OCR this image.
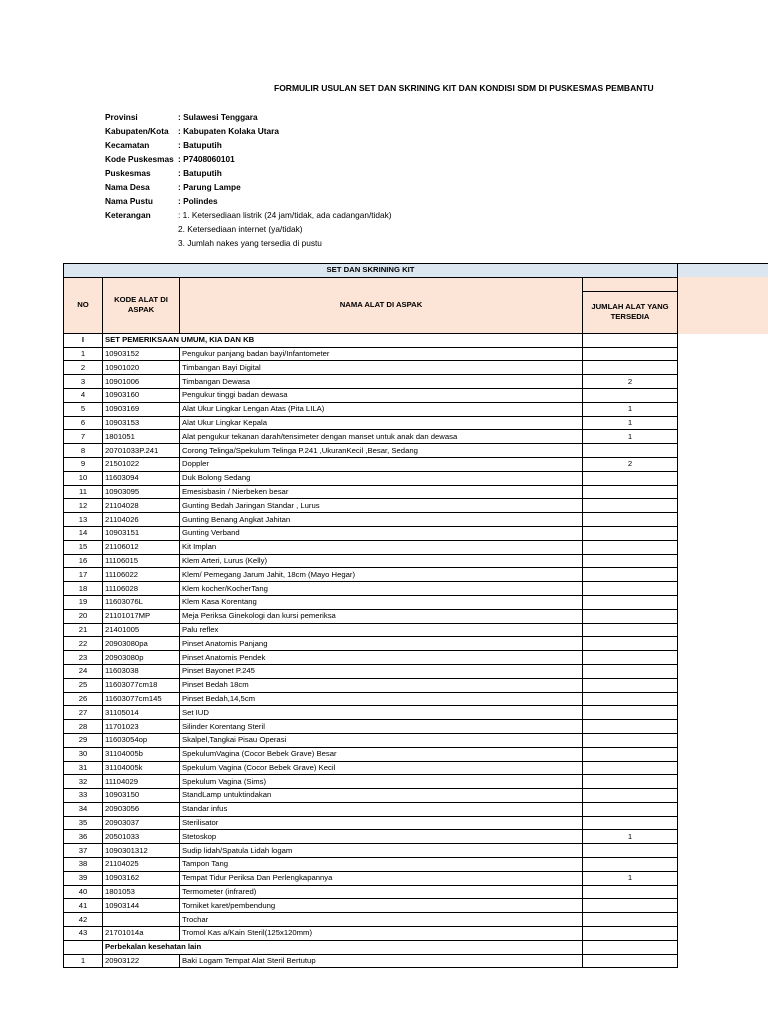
FORMULIR USULAN SET DAN SKRINING KIT DAN KONDISI SDM DI PUSKESMAS PEMBANTU
Provinsi	: Sulawesi Tenggara
Kabupaten/Kota	: Kabupaten Kolaka Utara
Kecamatan	: Batuputih
Kode Puskesmas : P7408060101
Puskesmas	: Batuputih
Nama Desa	: Parung Lampe
Nama Pustu	: Polindes
Keterangan	: 1. Ketersediaan listrik (24 jam/tidak, ada cadangan/tidak)
2. Ketersediaan internet (ya/tidak)
3. Jumlah nakes yang tersedia di pustu
SET DAN SKRINING KIT			
NO	KODE ALAT DI ASPAK	NAMA ALAT DI ASPAK	
			JUMLAH ALAT YANG TERSEDIA
I	SET PEMERIKSAAN UMUM, KIA DAN KB		
1	10903152	Pengukur panjang badan bayi/Infantometer	
2	10901020	Timbangan Bayi Digital	
3	10901006	Timbangan Dewasa	2
4	10903160	Pengukur tinggi badan dewasa	
5	10903169	Alat Ukur Lingkar Lengan Atas (Pita LILA)	1
6	10903153	Alat Ukur Lingkar Kepala	1
7	1801051	Alat pengukur tekanan darah/tensimeter dengan manset untuk anak dan dewasa	1
8	20701033P.241	Corong Telinga/Spekulum Telinga P.241 ,UkuranKecil ,Besar, Sedang	
9	21501022	Doppler	2
10	11603094	Duk Bolong Sedang	
11	10903095	Emesisbasin / Nierbeken besar	
12	21104028	Gunting Bedah Jaringan Standar , Lurus	
13	21104026	Gunting Benang Angkat Jahitan	
14	10903151	Gunting Verband	
15	21106012	Kit Implan	
16	11106015	Klem Arteri, Lurus (Kelly)	
17	11106022	Klem/ Pemegang Jarum Jahit, 18cm (Mayo Hegar)	
18	11106028	Klem kocher/KocherTang	
19	11603076L	Klem Kasa Korentang	
20	21101017MP	Meja Periksa Ginekologi dan kursi pemeriksa	
21	21401005	Palu reflex	
22	20903080pa	Pinset Anatomis Panjang	
23	20903080p	Pinset Anatomis Pendek	
24	11603038	Pinset Bayonet P.245	
25	11603077cm18	Pinset Bedah 18cm	
26	11603077cm145	Pinset Bedah,14,5cm	
27	31105014	Set IUD	
28	11701023	Silinder Korentang Steril	
29	11603054op	Skalpel,Tangkai Pisau Operasi	
30	31104005b	SpekulumVagina (Cocor Bebek Grave) Besar	
31	31104005k	Spekulum Vagina (Cocor Bebek Grave) Kecil	
32	11104029	Spekulum Vagina (Sims)	
33	10903150	StandLamp untuktindakan	
34	20903056	Standar infus	
35	20903037	Sterilisator	
36	20501033	Stetoskop	1
37	1090301312	Sudip lidah/Spatula Lidah logam	
38	21104025	Tampon Tang	
39	10903162	Tempat Tidur Periksa Dan Perlengkapannya	1
40	1801053	Termometer (infrared)	
41	10903144	Torniket karet/pembendung	
42		Trochar	
43	21701014a	Tromol Kas a/Kain Steril(125x120mm)	
	Perbekalan kesehatan lain		
1	20903122	Baki Logam Tempat Alat Steril Bertutup	
